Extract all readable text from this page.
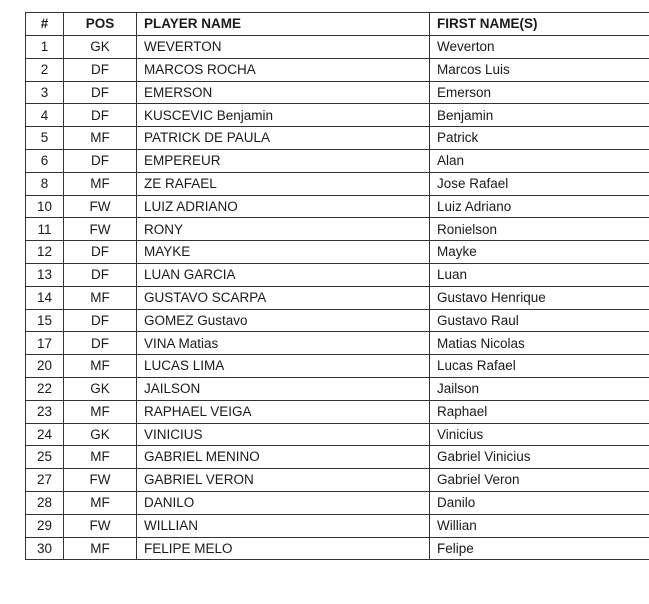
#	POS	PLAYER NAME	FIRST NAME(S)
1	GK	WEVERTON	Weverton
2	DF	MARCOS ROCHA	Marcos Luis
3	DF	EMERSON	Emerson
4	DF	KUSCEVIC Benjamin	Benjamin
5	MF	PATRICK DE PAULA	Patrick
6	DF	EMPEREUR	Alan
8	MF	ZE RAFAEL	Jose Rafael
10	FW	LUIZ ADRIANO	Luiz Adriano
11	FW	RONY	Ronielson
12	DF	MAYKE	Mayke
13	DF	LUAN GARCIA	Luan
14	MF	GUSTAVO SCARPA	Gustavo Henrique
15	DF	GOMEZ Gustavo	Gustavo Raul
17	DF	VINA Matias	Matias Nicolas
20	MF	LUCAS LIMA	Lucas Rafael
22	GK	JAILSON	Jailson
23	MF	RAPHAEL VEIGA	Raphael
24	GK	VINICIUS	Vinicius
25	MF	GABRIEL MENINO	Gabriel Vinicius
27	FW	GABRIEL VERON	Gabriel Veron
28	MF	DANILO	Danilo
29	FW	WILLIAN	Willian
30	MF	FELIPE MELO	Felipe
